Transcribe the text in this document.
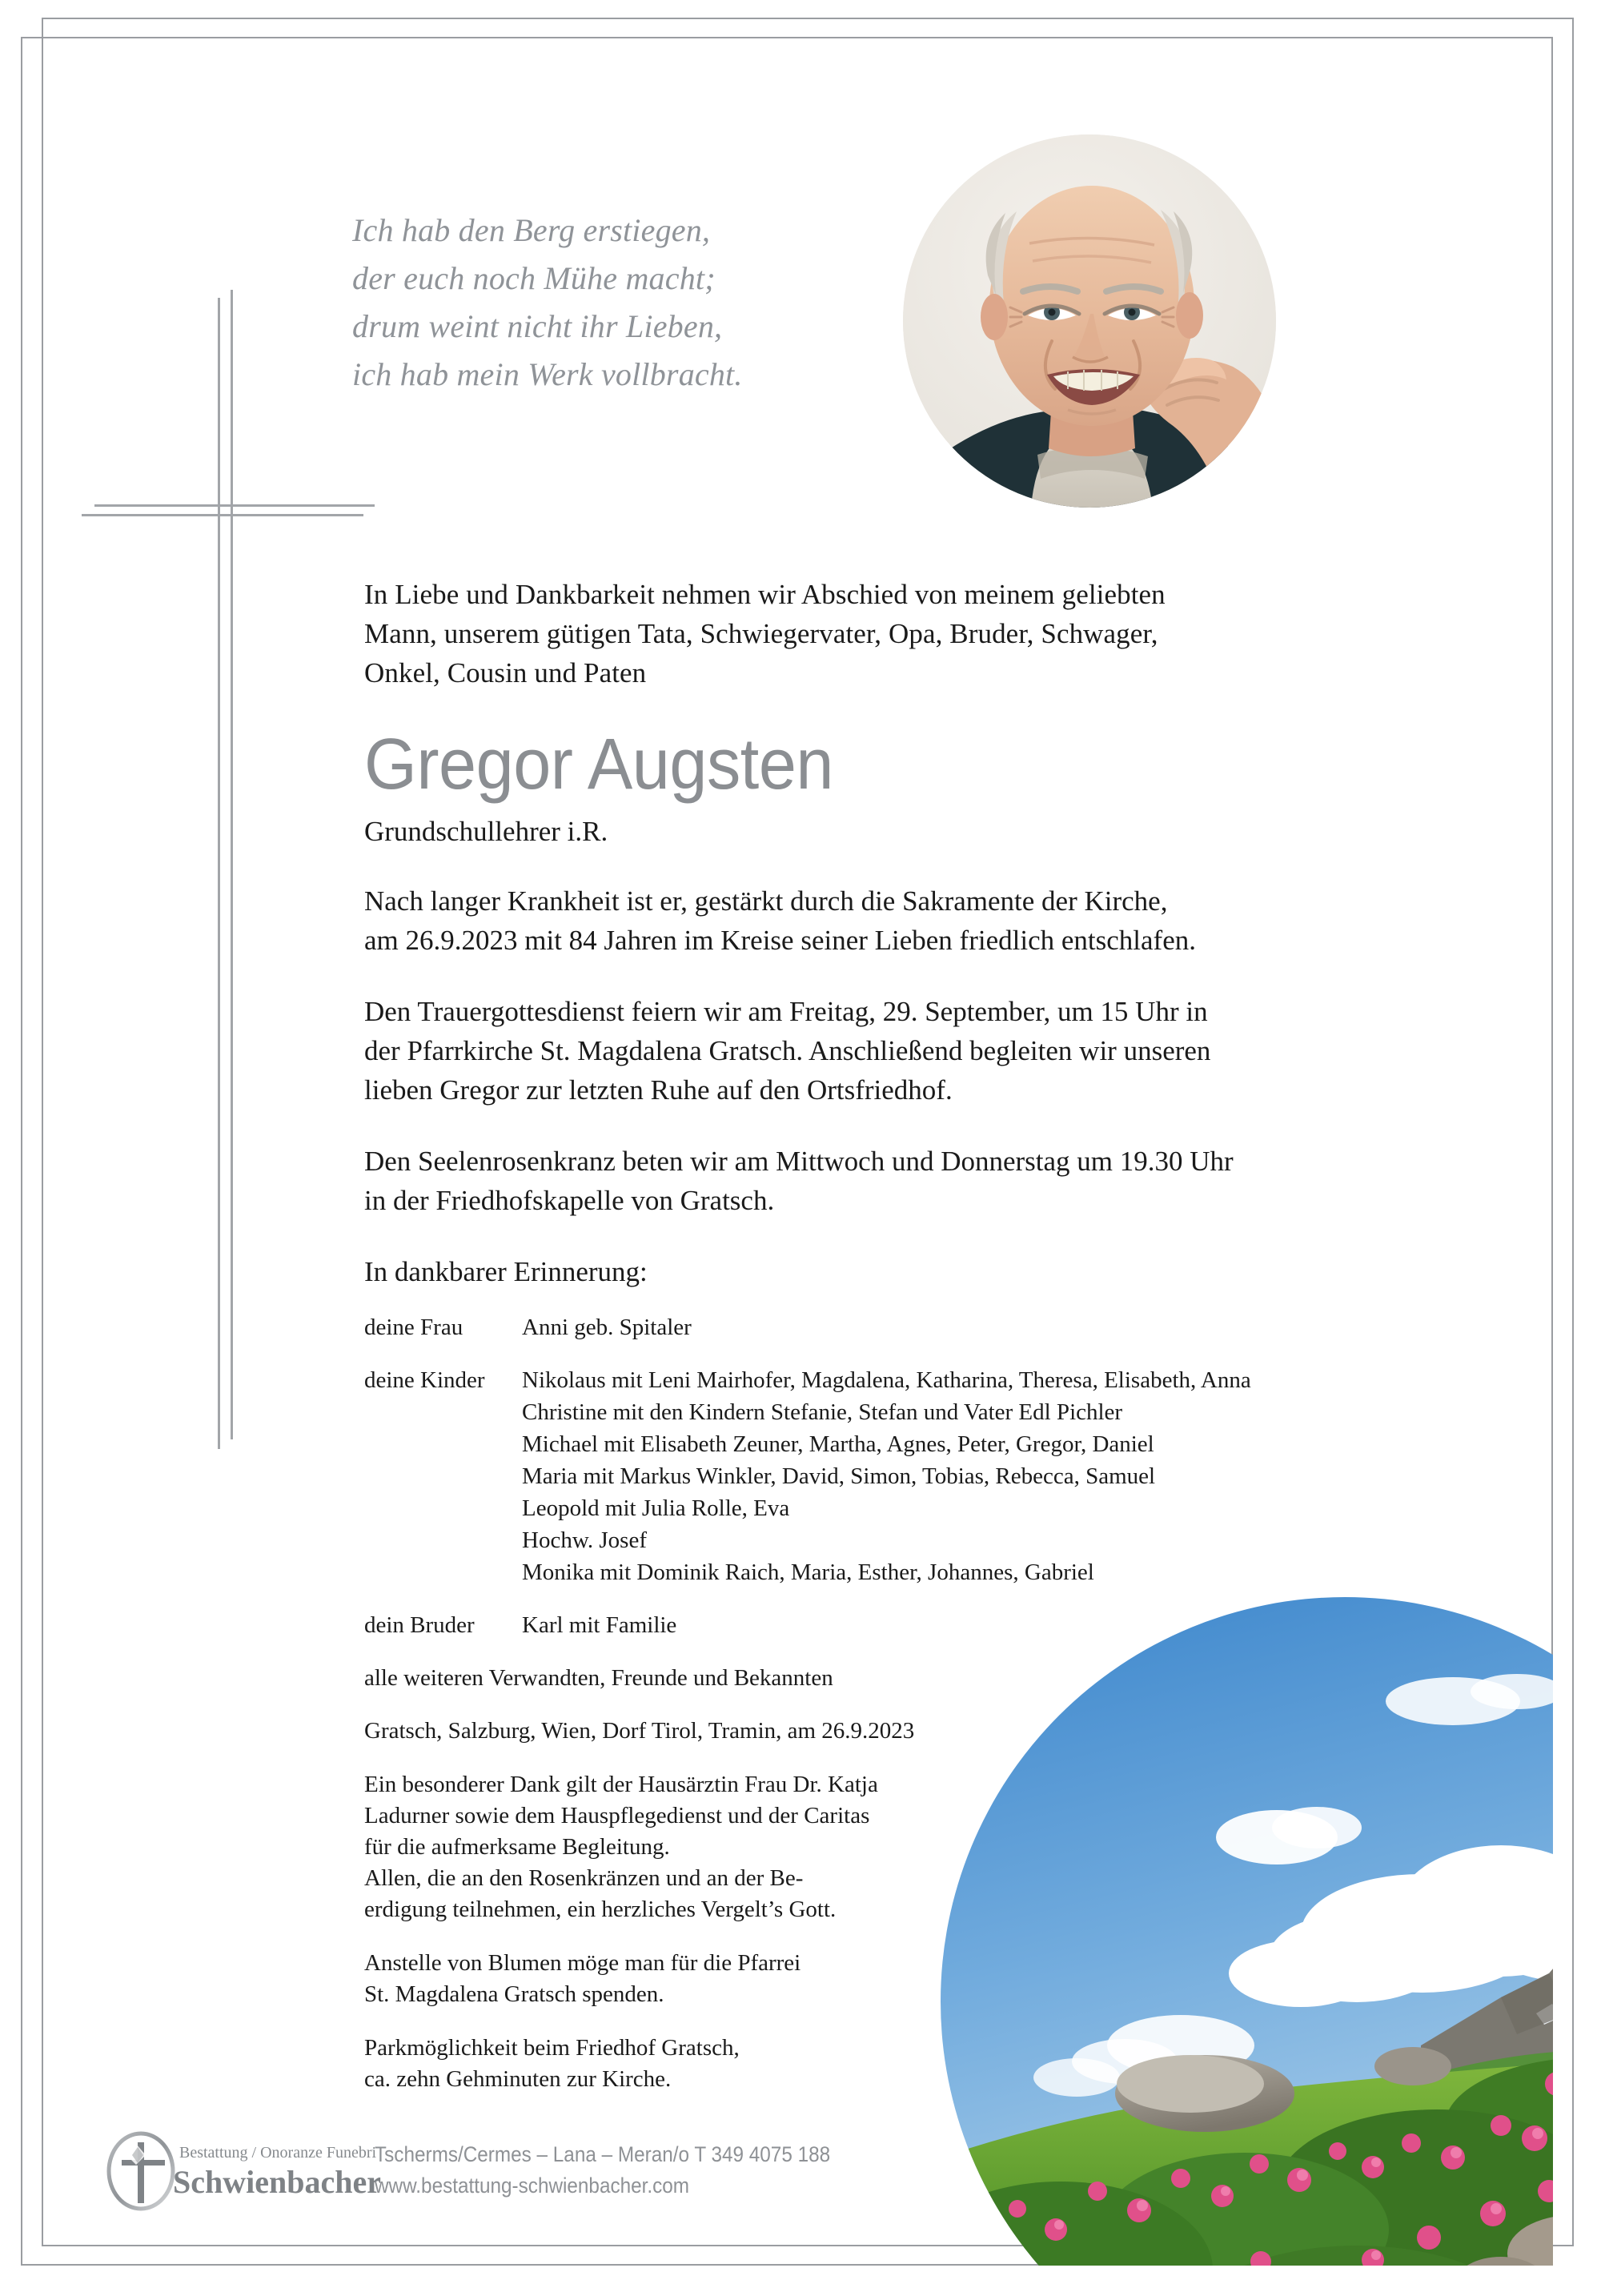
Ich hab den Berg erstiegen,
der euch noch Mühe macht;
drum weint nicht ihr Lieben,
ich hab mein Werk vollbracht.
In Liebe und Dankbarkeit nehmen wir Abschied von meinem geliebten
Mann, unserem gütigen Tata, Schwiegervater, Opa, Bruder, Schwager,
Onkel, Cousin und Paten
Gregor Augsten
Grundschullehrer i.R.
Nach langer Krankheit ist er, gestärkt durch die Sakramente der Kirche,
am 26.9.2023 mit 84 Jahren im Kreise seiner Lieben friedlich entschlafen.
Den Trauergottesdienst feiern wir am Freitag, 29. September, um 15 Uhr in
der Pfarrkirche St. Magdalena Gratsch. Anschließend begleiten wir unseren
lieben Gregor zur letzten Ruhe auf den Ortsfriedhof.
Den Seelenrosenkranz beten wir am Mittwoch und Donnerstag um 19.30 Uhr
in der Friedhofskapelle von Gratsch.
In dankbarer Erinnerung:
deine Frau	Anni geb. Spitaler
deine Kinder	Nikolaus mit Leni Mairhofer, Magdalena, Katharina, Theresa, Elisabeth, Anna
Christine mit den Kindern Stefanie, Stefan und Vater Edl Pichler
Michael mit Elisabeth Zeuner, Martha, Agnes, Peter, Gregor, Daniel
Maria mit Markus Winkler, David, Simon, Tobias, Rebecca, Samuel
Leopold mit Julia Rolle, Eva
Hochw. Josef
Monika mit Dominik Raich, Maria, Esther, Johannes, Gabriel
dein Bruder	Karl mit Familie
alle weiteren Verwandten, Freunde und Bekannten
Gratsch, Salzburg, Wien, Dorf Tirol, Tramin, am 26.9.2023
Ein besonderer Dank gilt der Hausärztin Frau Dr. Katja
Ladurner sowie dem Hauspflegedienst und der Caritas
für die aufmerksame Begleitung.
Allen, die an den Rosenkränzen und an der Be-
erdigung teilnehmen, ein herzliches Vergelt’s Gott.
Anstelle von Blumen möge man für die Pfarrei
St. Magdalena Gratsch spenden.
Parkmöglichkeit beim Friedhof Gratsch,
ca. zehn Gehminuten zur Kirche.
Bestattung / Onoranze Funebri
Schwienbacher
Tscherms/Cermes – Lana – Meran/o T 349 4075 188
www.bestattung-schwienbacher.com
